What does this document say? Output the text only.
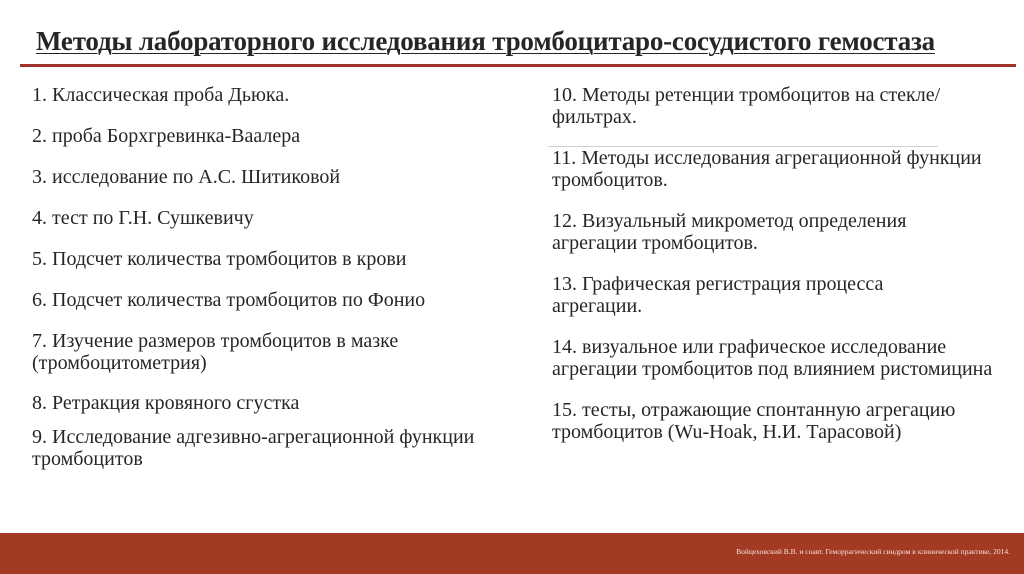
Методы лабораторного исследования тромбоцитаро-сосудистого гемостаза
1. Классическая проба Дьюка.
2. проба Борхгревинка-Ваалера
3. исследование по А.С. Шитиковой
4. тест по Г.Н. Сушкевичу
5. Подсчет количества тромбоцитов в крови
6. Подсчет количества тромбоцитов по Фонио
7. Изучение размеров тромбоцитов в мазке (тромбоцитометрия)
8. Ретракция кровяного сгустка
9. Исследование адгезивно-агрегационной функции тромбоцитов
10. Методы ретенции тромбоцитов на стекле/фильтрах.
11. Методы исследования агрегационной функции тромбоцитов.
12. Визуальный микрометод определения агрегации тромбоцитов.
13. Графическая регистрация процесса агрегации.
14. визуальное или графическое исследование агрегации тромбоцитов под влиянием ристомицина
15. тесты, отражающие спонтанную агрегацию тромбоцитов (Wu-Hoak, Н.И. Тарасовой)
Войцеховский В.В. и соавт. Геморрагический синдром в клинической практике, 2014.
